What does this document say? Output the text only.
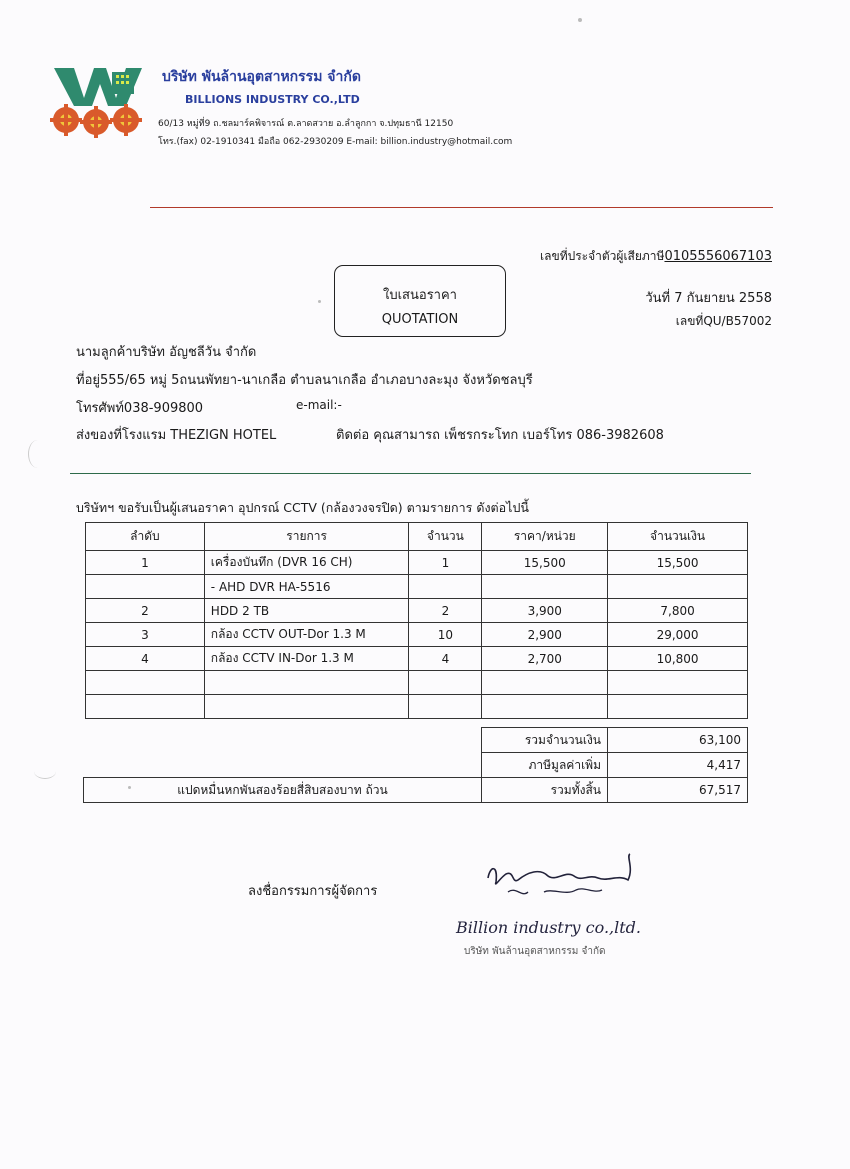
บริษัท พันล้านอุตสาหกรรม จำกัด
BILLIONS INDUSTRY CO.,LTD
60/13 หมู่ที่9 ถ.ชลมาร์คพิจารณ์ ต.ลาดสวาย อ.ลำลูกกา จ.ปทุมธานี 12150
โทร.(fax) 02-1910341 มือถือ 062-2930209 E-mail: billion.industry@hotmail.com
เลขที่ประจำตัวผู้เสียภาษี0105556067103
ใบเสนอราคา
QUOTATION
วันที่ 7 กันยายน 2558
เลขที่QU/B57002
นามลูกค้าบริษัท อัญชลีวัน จำกัด
ที่อยู่555/65 หมู่ 5ถนนพัทยา-นาเกลือ ตำบลนาเกลือ อำเภอบางละมุง จังหวัดชลบุรี
โทรศัพท์038-909800	e-mail:-
ส่งของที่โรงแรม THEZIGN HOTEL	ติดต่อ คุณสามารถ เพ็ชรกระโทก เบอร์โทร 086-3982608
บริษัทฯ ขอรับเป็นผู้เสนอราคา อุปกรณ์ CCTV (กล้องวงจรปิด) ตามรายการ ดังต่อไปนี้
ลำดับ	รายการ	จำนวน	ราคา/หน่วย	จำนวนเงิน
1	เครื่องบันทึก (DVR 16 CH)	1	15,500	15,500
	- AHD DVR HA-5516			
2	HDD 2 TB	2	3,900	7,800
3	กล้อง CCTV OUT-Dor 1.3 M	10	2,900	29,000
4	กล้อง CCTV IN-Dor 1.3 M	4	2,700	10,800

	รวมจำนวนเงิน	63,100
	ภาษีมูลค่าเพิ่ม	4,417
แปดหมื่นหกพันสองร้อยสี่สิบสองบาท ถ้วน	รวมทั้งสิ้น	67,517
ลงชื่อกรรมการผู้จัดการ
Billion industry co.,ltd.
บริษัท พันล้านอุตสาหกรรม จำกัด
